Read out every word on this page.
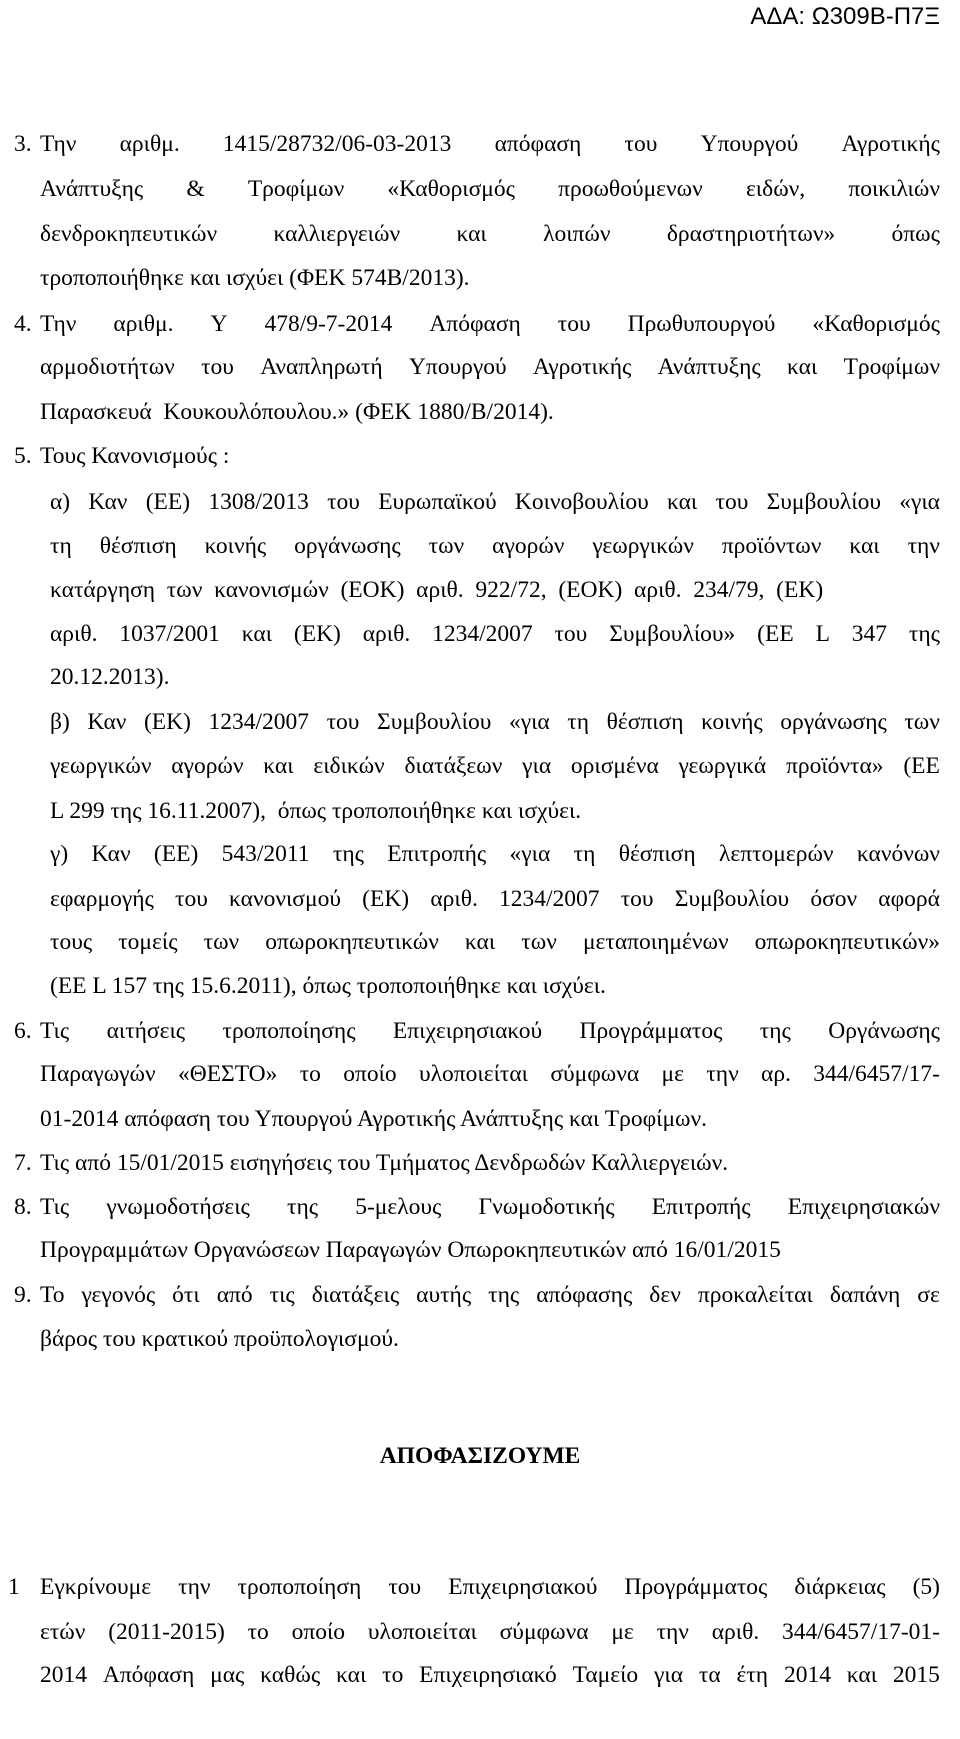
ΑΔΑ: Ω309Β-Π7Ξ
3. Την αριθμ. 1415/28732/06-03-2013 απόφαση του Υπουργού Αγροτικής
Ανάπτυξης & Τροφίμων «Καθορισμός προωθούμενων ειδών, ποικιλιών
δενδροκηπευτικών καλλιεργειών και λοιπών δραστηριοτήτων» όπως
τροποποιήθηκε και ισχύει (ΦΕΚ 574Β/2013).
4. Την αριθμ. Υ 478/9-7-2014 Απόφαση του Πρωθυπουργού «Καθορισμός
αρμοδιοτήτων του Αναπληρωτή Υπουργού Αγροτικής Ανάπτυξης και Τροφίμων
Παρασκευά  Κουκουλόπουλου.» (ΦΕΚ 1880/Β/2014).
5. Τους Κανονισμούς :
α) Καν (ΕΕ) 1308/2013 του Ευρωπαϊκού Κοινοβουλίου και του Συμβουλίου «για
τη θέσπιση κοινής οργάνωσης των αγορών γεωργικών προϊόντων και την
κατάργηση  των  κανονισμών  (ΕΟΚ)  αριθ.  922/72,  (ΕΟΚ)  αριθ.  234/79,  (ΕΚ)
αριθ. 1037/2001 και (ΕΚ) αριθ. 1234/2007 του Συμβουλίου» (ΕΕ L 347 της
20.12.2013).
β) Καν (ΕΚ) 1234/2007 του Συμβουλίου «για τη θέσπιση κοινής οργάνωσης των
γεωργικών αγορών και ειδικών διατάξεων για ορισμένα γεωργικά προϊόντα» (ΕΕ
L 299 της 16.11.2007),  όπως τροποποιήθηκε και ισχύει.
γ) Καν (ΕΕ) 543/2011 της Επιτροπής «για τη θέσπιση λεπτομερών κανόνων
εφαρμογής του κανονισμού (ΕΚ) αριθ. 1234/2007 του Συμβουλίου όσον αφορά
τους τομείς των οπωροκηπευτικών και των μεταποιημένων οπωροκηπευτικών»
(ΕΕ L 157 της 15.6.2011), όπως τροποποιήθηκε και ισχύει.
6. Τις αιτήσεις τροποποίησης Επιχειρησιακού Προγράμματος της Οργάνωσης
Παραγωγών «ΘΕΣΤΟ» το οποίο υλοποιείται σύμφωνα με την αρ. 344/6457/17-
01-2014 απόφαση του Υπουργού Αγροτικής Ανάπτυξης και Τροφίμων.
7. Τις από 15/01/2015 εισηγήσεις του Τμήματος Δενδρωδών Καλλιεργειών.
8. Τις γνωμοδοτήσεις της 5-μελους Γνωμοδοτικής Επιτροπής Επιχειρησιακών
Προγραμμάτων Οργανώσεων Παραγωγών Οπωροκηπευτικών από 16/01/2015
9. Το γεγονός ότι από τις διατάξεις αυτής της απόφασης δεν προκαλείται δαπάνη σε
βάρος του κρατικού προϋπολογισμού.
ΑΠΟΦΑΣΙΖΟΥΜΕ
1 Εγκρίνουμε την τροποποίηση του Επιχειρησιακού Προγράμματος διάρκειας (5)
ετών (2011-2015) το οποίο υλοποιείται σύμφωνα με την αριθ. 344/6457/17-01-
2014 Απόφαση μας καθώς και το Επιχειρησιακό Ταμείο για τα έτη 2014 και 2015
